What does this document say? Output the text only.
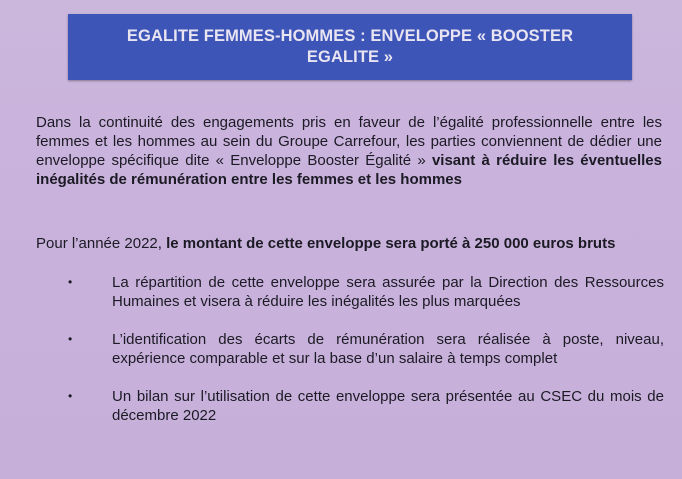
EGALITE FEMMES-HOMMES : ENVELOPPE « BOOSTER EGALITE »

Dans la continuité des engagements pris en faveur de l’égalité professionnelle entre les femmes et les hommes au sein du Groupe Carrefour, les parties conviennent de dédier une enveloppe spécifique dite « Enveloppe Booster Égalité » visant à réduire les éventuelles inégalités de rémunération entre les femmes et les hommes

Pour l’année 2022, le montant de cette enveloppe sera porté à 250 000 euros bruts

•	La répartition de cette enveloppe sera assurée par la Direction des Ressources Humaines et visera à réduire les inégalités les plus marquées
•	L’identification des écarts de rémunération sera réalisée à poste, niveau, expérience comparable et sur la base d’un salaire à temps complet
•	Un bilan sur l’utilisation de cette enveloppe sera présentée au CSEC du mois de décembre 2022
